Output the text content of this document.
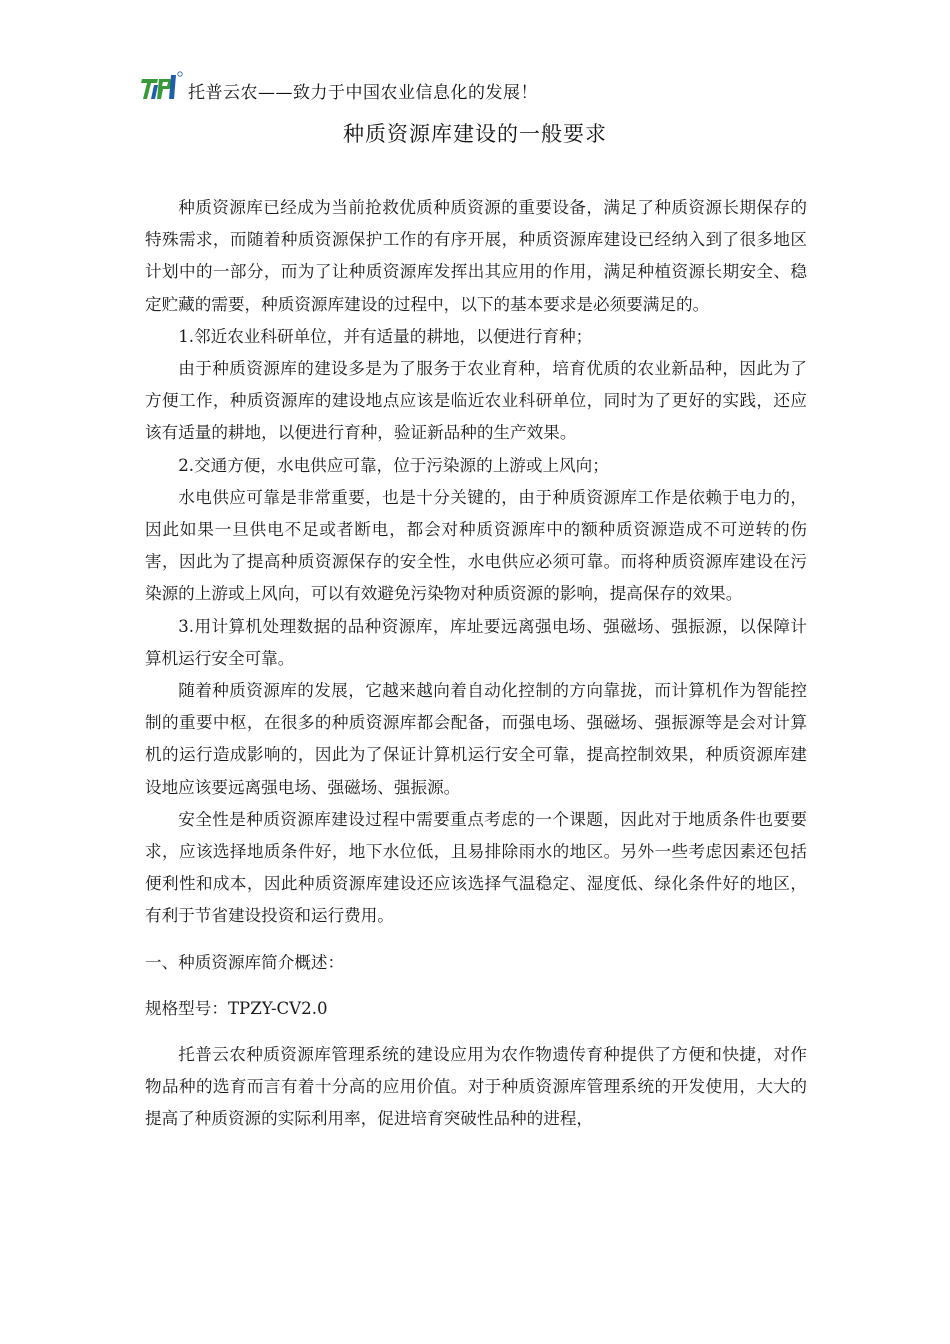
托普云农——致力于中国农业信息化的发展！
种质资源库建设的一般要求

种质资源库已经成为当前抢救优质种质资源的重要设备，满足了种质资源长期保存的特殊需求，而随着种质资源保护工作的有序开展，种质资源库建设已经纳入到了很多地区计划中的一部分，而为了让种质资源库发挥出其应用的作用，满足种植资源长期安全、稳定贮藏的需要，种质资源库建设的过程中，以下的基本要求是必须要满足的。

1.邻近农业科研单位，并有适量的耕地，以便进行育种；

由于种质资源库的建设多是为了服务于农业育种，培育优质的农业新品种，因此为了方便工作，种质资源库的建设地点应该是临近农业科研单位，同时为了更好的实践，还应该有适量的耕地，以便进行育种，验证新品种的生产效果。

2.交通方便，水电供应可靠，位于污染源的上游或上风向；

水电供应可靠是非常重要，也是十分关键的，由于种质资源库工作是依赖于电力的，因此如果一旦供电不足或者断电，都会对种质资源库中的额种质资源造成不可逆转的伤害，因此为了提高种质资源保存的安全性，水电供应必须可靠。而将种质资源库建设在污染源的上游或上风向，可以有效避免污染物对种质资源的影响，提高保存的效果。

3.用计算机处理数据的品种资源库，库址要远离强电场、强磁场、强振源，以保障计算机运行安全可靠。

随着种质资源库的发展，它越来越向着自动化控制的方向靠拢，而计算机作为智能控制的重要中枢，在很多的种质资源库都会配备，而强电场、强磁场、强振源等是会对计算机的运行造成影响的，因此为了保证计算机运行安全可靠，提高控制效果，种质资源库建设地应该要远离强电场、强磁场、强振源。

安全性是种质资源库建设过程中需要重点考虑的一个课题，因此对于地质条件也要要求，应该选择地质条件好，地下水位低，且易排除雨水的地区。另外一些考虑因素还包括便利性和成本，因此种质资源库建设还应该选择气温稳定、湿度低、绿化条件好的地区，有利于节省建设投资和运行费用。

一、种质资源库简介概述：

规格型号：TPZY-CV2.0

托普云农种质资源库管理系统的建设应用为农作物遗传育种提供了方便和快捷，对作物品种的选育而言有着十分高的应用价值。对于种质资源库管理系统的开发使用，大大的提高了种质资源的实际利用率，促进培育突破性品种的进程，
